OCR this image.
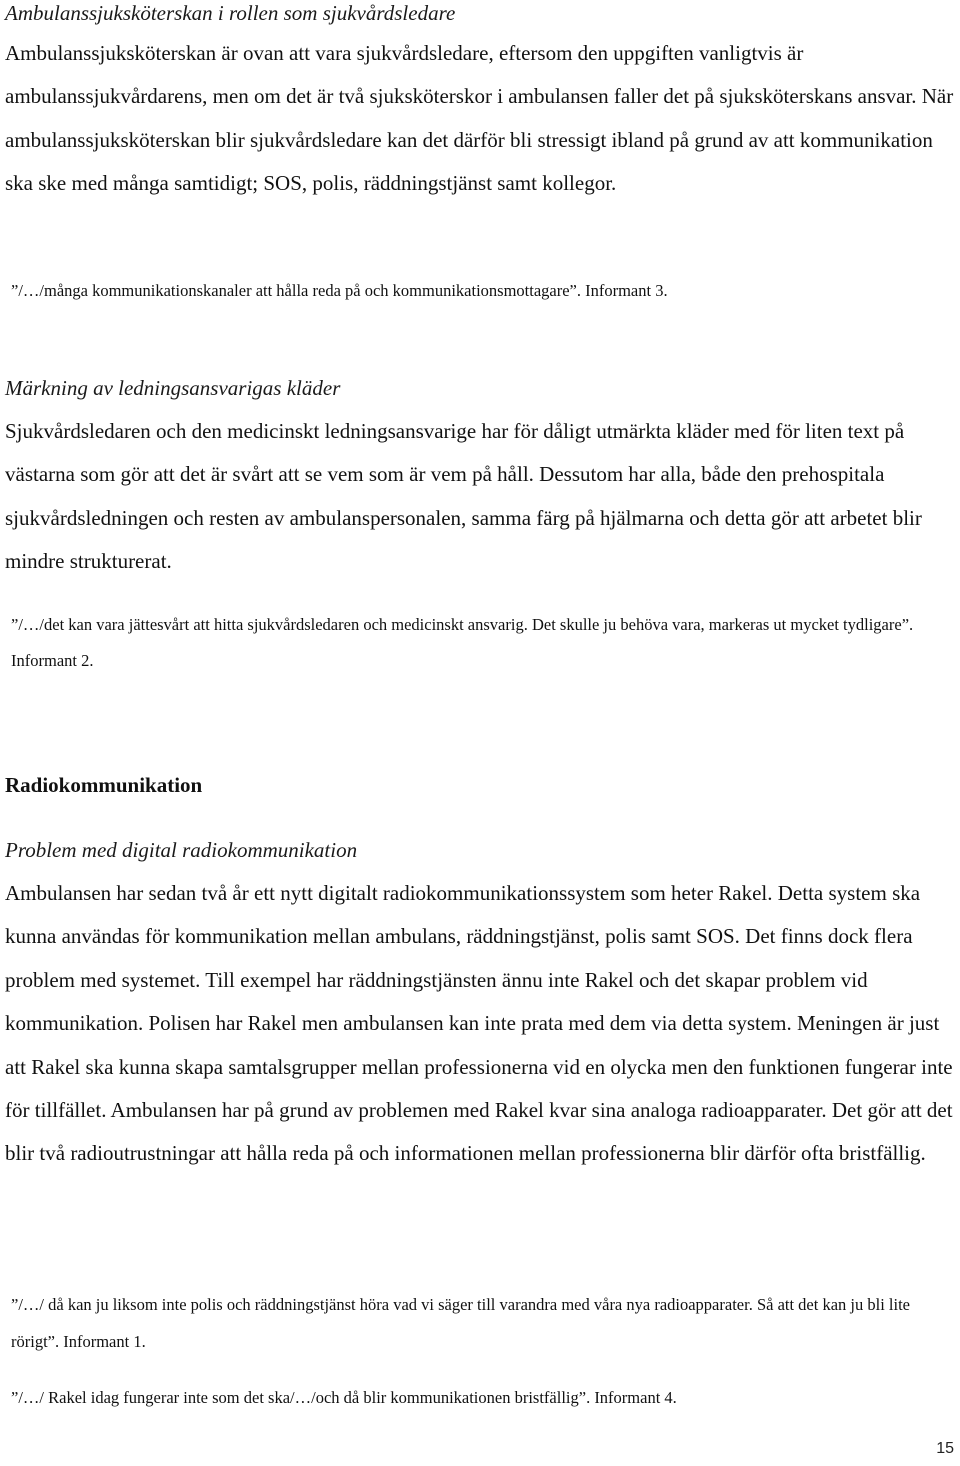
Ambulanssjuksköterskan i rollen som sjukvårdsledare

Ambulanssjuksköterskan är ovan att vara sjukvårdsledare, eftersom den uppgiften vanligtvis är ambulanssjukvårdarens, men om det är två sjuksköterskor i ambulansen faller det på sjuksköterskans ansvar. När ambulanssjuksköterskan blir sjukvårdsledare kan det därför bli stressigt ibland på grund av att kommunikation ska ske med många samtidigt; SOS, polis, räddningstjänst samt kollegor.

”/…/många kommunikationskanaler att hålla reda på och kommunikationsmottagare”. Informant 3.

Märkning av ledningsansvarigas kläder

Sjukvårdsledaren och den medicinskt ledningsansvarige har för dåligt utmärkta kläder med för liten text på västarna som gör att det är svårt att se vem som är vem på håll. Dessutom har alla, både den prehospitala sjukvårdsledningen och resten av ambulanspersonalen, samma färg på hjälmarna och detta gör att arbetet blir mindre strukturerat.

”/…/det kan vara jättesvårt att hitta sjukvårdsledaren och medicinskt ansvarig. Det skulle ju behöva vara, markeras ut mycket tydligare”. Informant 2.

Radiokommunikation

Problem med digital radiokommunikation

Ambulansen har sedan två år ett nytt digitalt radiokommunikationssystem som heter Rakel. Detta system ska kunna användas för kommunikation mellan ambulans, räddningstjänst, polis samt SOS. Det finns dock flera problem med systemet. Till exempel har räddningstjänsten ännu inte Rakel och det skapar problem vid kommunikation. Polisen har Rakel men ambulansen kan inte prata med dem via detta system. Meningen är just att Rakel ska kunna skapa samtalsgrupper mellan professionerna vid en olycka men den funktionen fungerar inte för tillfället. Ambulansen har på grund av problemen med Rakel kvar sina analoga radioapparater. Det gör att det blir två radioutrustningar att hålla reda på och informationen mellan professionerna blir därför ofta bristfällig.

”/…/ då kan ju liksom inte polis och räddningstjänst höra vad vi säger till varandra med våra nya radioapparater. Så att det kan ju bli lite rörigt”. Informant 1.

”/…/ Rakel idag fungerar inte som det ska/…/och då blir kommunikationen bristfällig”. Informant 4.

15
